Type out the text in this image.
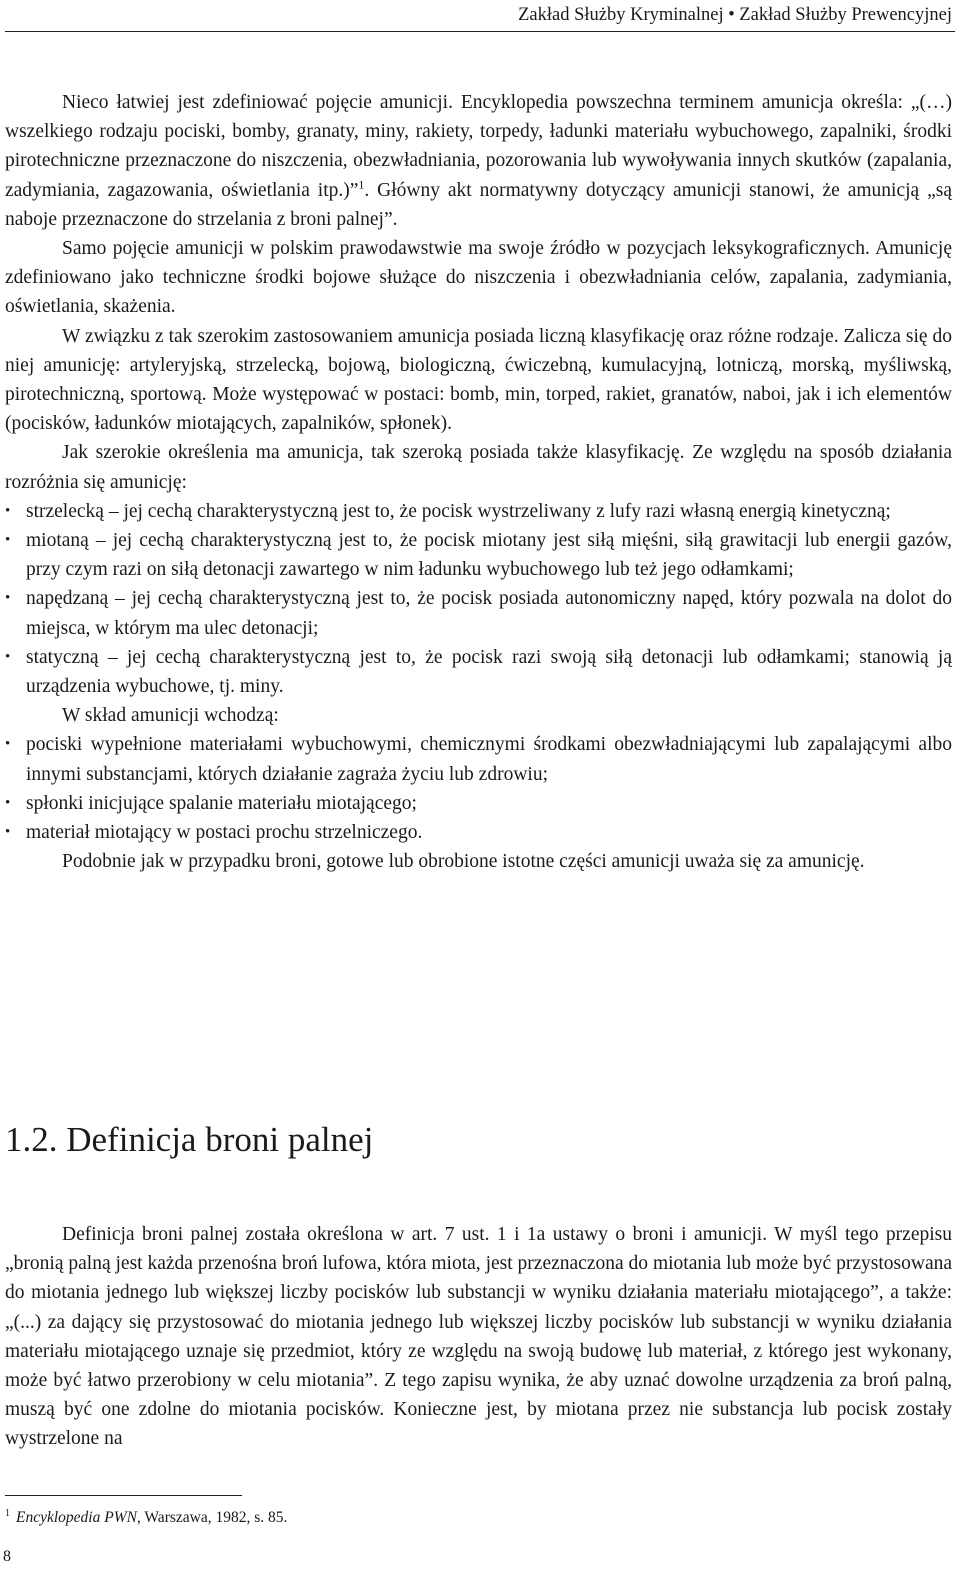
Zakład Służby Kryminalnej • Zakład Służby Prewencyjnej

Nieco łatwiej jest zdefiniować pojęcie amunicji. Encyklopedia powszechna terminem amunicja określa: „(…) wszelkiego rodzaju pociski, bomby, granaty, miny, rakiety, torpedy, ładunki materiału wybuchowego, zapalniki, środki pirotechniczne przeznaczone do niszczenia, obezwładniania, pozorowania lub wywoływania innych skutków (zapalania, zadymiania, zagazowania, oświetlania itp.)”$^1$. Główny akt normatywny dotyczący amunicji stanowi, że amunicją „są naboje przeznaczone do strzelania z broni palnej”.

Samo pojęcie amunicji w polskim prawodawstwie ma swoje źródło w pozycjach leksykograficznych. Amunicję zdefiniowano jako techniczne środki bojowe służące do niszczenia i obezwładniania celów, zapalania, zadymiania, oświetlania, skażenia.

W związku z tak szerokim zastosowaniem amunicja posiada liczną klasyfikację oraz różne rodzaje. Zalicza się do niej amunicję: artyleryjską, strzelecką, bojową, biologiczną, ćwiczebną, kumulacyjną, lotniczą, morską, myśliwską, pirotechniczną, sportową. Może występować w postaci: bomb, min, torped, rakiet, granatów, naboi, jak i ich elementów (pocisków, ładunków miotających, zapalników, spłonek).

Jak szerokie określenia ma amunicja, tak szeroką posiada także klasyfikację. Ze względu na sposób działania rozróżnia się amunicję:

• strzelecką – jej cechą charakterystyczną jest to, że pocisk wystrzeliwany z lufy razi własną energią kinetyczną;
• miotaną – jej cechą charakterystyczną jest to, że pocisk miotany jest siłą mięśni, siłą grawitacji lub energii gazów, przy czym razi on siłą detonacji zawartego w nim ładunku wybuchowego lub też jego odłamkami;
• napędzaną – jej cechą charakterystyczną jest to, że pocisk posiada autonomiczny napęd, który pozwala na dolot do miejsca, w którym ma ulec detonacji;
• statyczną – jej cechą charakterystyczną jest to, że pocisk razi swoją siłą detonacji lub odłamkami; stanowią ją urządzenia wybuchowe, tj. miny.

W skład amunicji wchodzą:

• pociski wypełnione materiałami wybuchowymi, chemicznymi środkami obezwładniającymi lub zapalającymi albo innymi substancjami, których działanie zagraża życiu lub zdrowiu;
• spłonki inicjujące spalanie materiału miotającego;
• materiał miotający w postaci prochu strzelniczego.

Podobnie jak w przypadku broni, gotowe lub obrobione istotne części amunicji uważa się za amunicję.

1.2. Definicja broni palnej

Definicja broni palnej została określona w art. 7 ust. 1 i 1a ustawy o broni i amunicji. W myśl tego przepisu „bronią palną jest każda przenośna broń lufowa, która miota, jest przeznaczona do miotania lub może być przystosowana do miotania jednego lub większej liczby pocisków lub substancji w wyniku działania materiału miotającego”, a także: „(...) za dający się przystosować do miotania jednego lub większej liczby pocisków lub substancji w wyniku działania materiału miotającego uznaje się przedmiot, który ze względu na swoją budowę lub materiał, z którego jest wykonany, może być łatwo przerobiony w celu miotania”. Z tego zapisu wynika, że aby uznać dowolne urządzenia za broń palną, muszą być one zdolne do miotania pocisków. Konieczne jest, by miotana przez nie substancja lub pocisk zostały wystrzelone na

$^1$ Encyklopedia PWN, Warszawa, 1982, s. 85.
8
